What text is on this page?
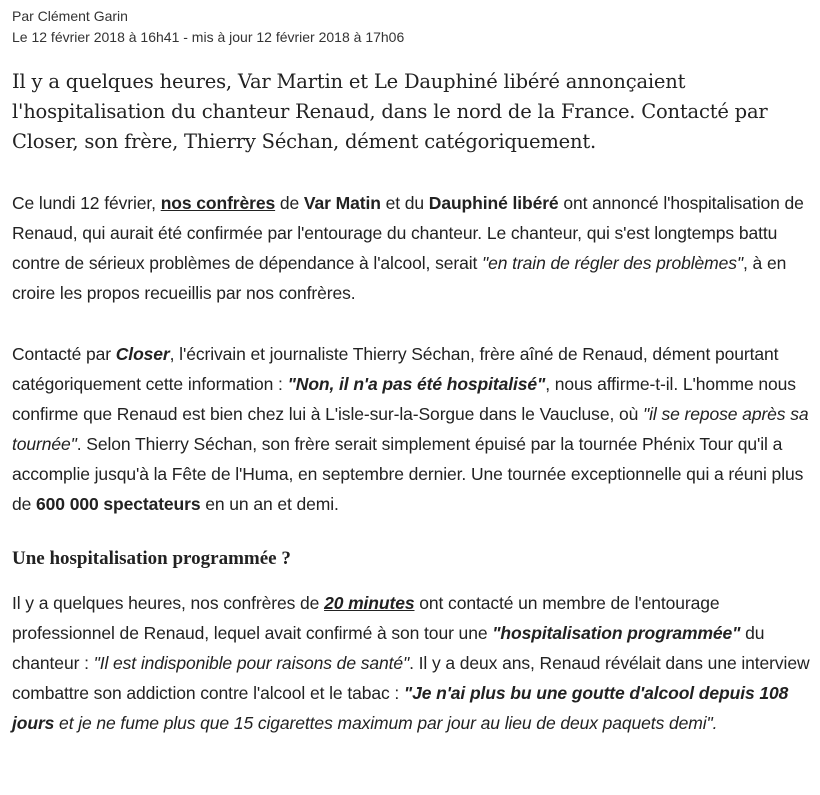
Par Clément Garin
Le 12 février 2018 à 16h41 - mis à jour 12 février 2018 à 17h06

Il y a quelques heures, Var Martin et Le Dauphiné libéré annonçaient l'hospitalisation du chanteur Renaud, dans le nord de la France. Contacté par Closer, son frère, Thierry Séchan, dément catégoriquement.

Ce lundi 12 février, nos confrères de Var Matin et du Dauphiné libéré ont annoncé l'hospitalisation de Renaud, qui aurait été confirmée par l'entourage du chanteur. Le chanteur, qui s'est longtemps battu contre de sérieux problèmes de dépendance à l'alcool, serait "en train de régler des problèmes", à en croire les propos recueillis par nos confrères.

Contacté par Closer, l'écrivain et journaliste Thierry Séchan, frère aîné de Renaud, dément pourtant catégoriquement cette information : "Non, il n'a pas été hospitalisé", nous affirme-t-il. L'homme nous confirme que Renaud est bien chez lui à L'isle-sur-la-Sorgue dans le Vaucluse, où "il se repose après sa tournée". Selon Thierry Séchan, son frère serait simplement épuisé par la tournée Phénix Tour qu'il a accomplie jusqu'à la Fête de l'Huma, en septembre dernier. Une tournée exceptionnelle qui a réuni plus de 600 000 spectateurs en un an et demi.

Une hospitalisation programmée ?

Il y a quelques heures, nos confrères de 20 minutes ont contacté un membre de l'entourage professionnel de Renaud, lequel avait confirmé à son tour une "hospitalisation programmée" du chanteur : "Il est indisponible pour raisons de santé". Il y a deux ans, Renaud révélait dans une interview combattre son addiction contre l'alcool et le tabac : "Je n'ai plus bu une goutte d'alcool depuis 108 jours et je ne fume plus que 15 cigarettes maximum par jour au lieu de deux paquets demi".
